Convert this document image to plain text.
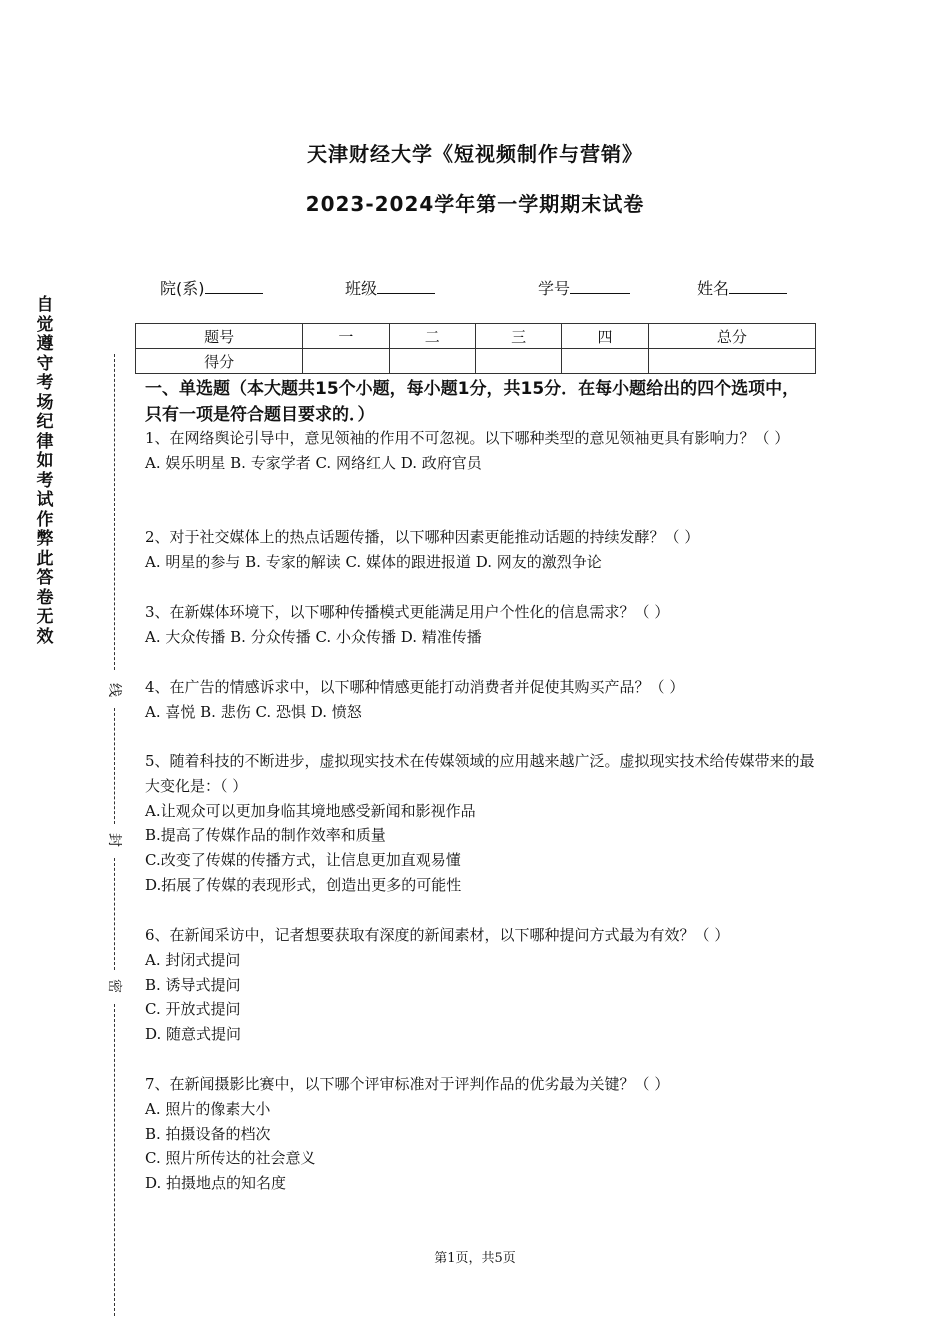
天津财经大学《短视频制作与营销》
2023-2024学年第一学期期末试卷
院(系)	班级	学号	姓名
题号	一	二	三	四	总分
得分					
自觉遵守考场纪律如考试作弊此答卷无效
线
封
密
一、单选题（本大题共15个小题，每小题1分，共15分．在每小题给出的四个选项中，只有一项是符合题目要求的．）
1、在网络舆论引导中，意见领袖的作用不可忽视。以下哪种类型的意见领袖更具有影响力？（ ）
A. 娱乐明星 B. 专家学者 C. 网络红人 D. 政府官员
2、对于社交媒体上的热点话题传播，以下哪种因素更能推动话题的持续发酵？（ ）
A. 明星的参与 B. 专家的解读 C. 媒体的跟进报道 D. 网友的激烈争论
3、在新媒体环境下，以下哪种传播模式更能满足用户个性化的信息需求？（ ）
A. 大众传播 B. 分众传播 C. 小众传播 D. 精准传播
4、在广告的情感诉求中，以下哪种情感更能打动消费者并促使其购买产品？（ ）
A. 喜悦 B. 悲伤 C. 恐惧 D. 愤怒
5、随着科技的不断进步，虚拟现实技术在传媒领域的应用越来越广泛。虚拟现实技术给传媒带来的最大变化是：（ ）
A.让观众可以更加身临其境地感受新闻和影视作品
B.提高了传媒作品的制作效率和质量
C.改变了传媒的传播方式，让信息更加直观易懂
D.拓展了传媒的表现形式，创造出更多的可能性
6、在新闻采访中，记者想要获取有深度的新闻素材，以下哪种提问方式最为有效？（ ）
A. 封闭式提问
B. 诱导式提问
C. 开放式提问
D. 随意式提问
7、在新闻摄影比赛中，以下哪个评审标准对于评判作品的优劣最为关键？（ ）
A. 照片的像素大小
B. 拍摄设备的档次
C. 照片所传达的社会意义
D. 拍摄地点的知名度
第1页，共5页
